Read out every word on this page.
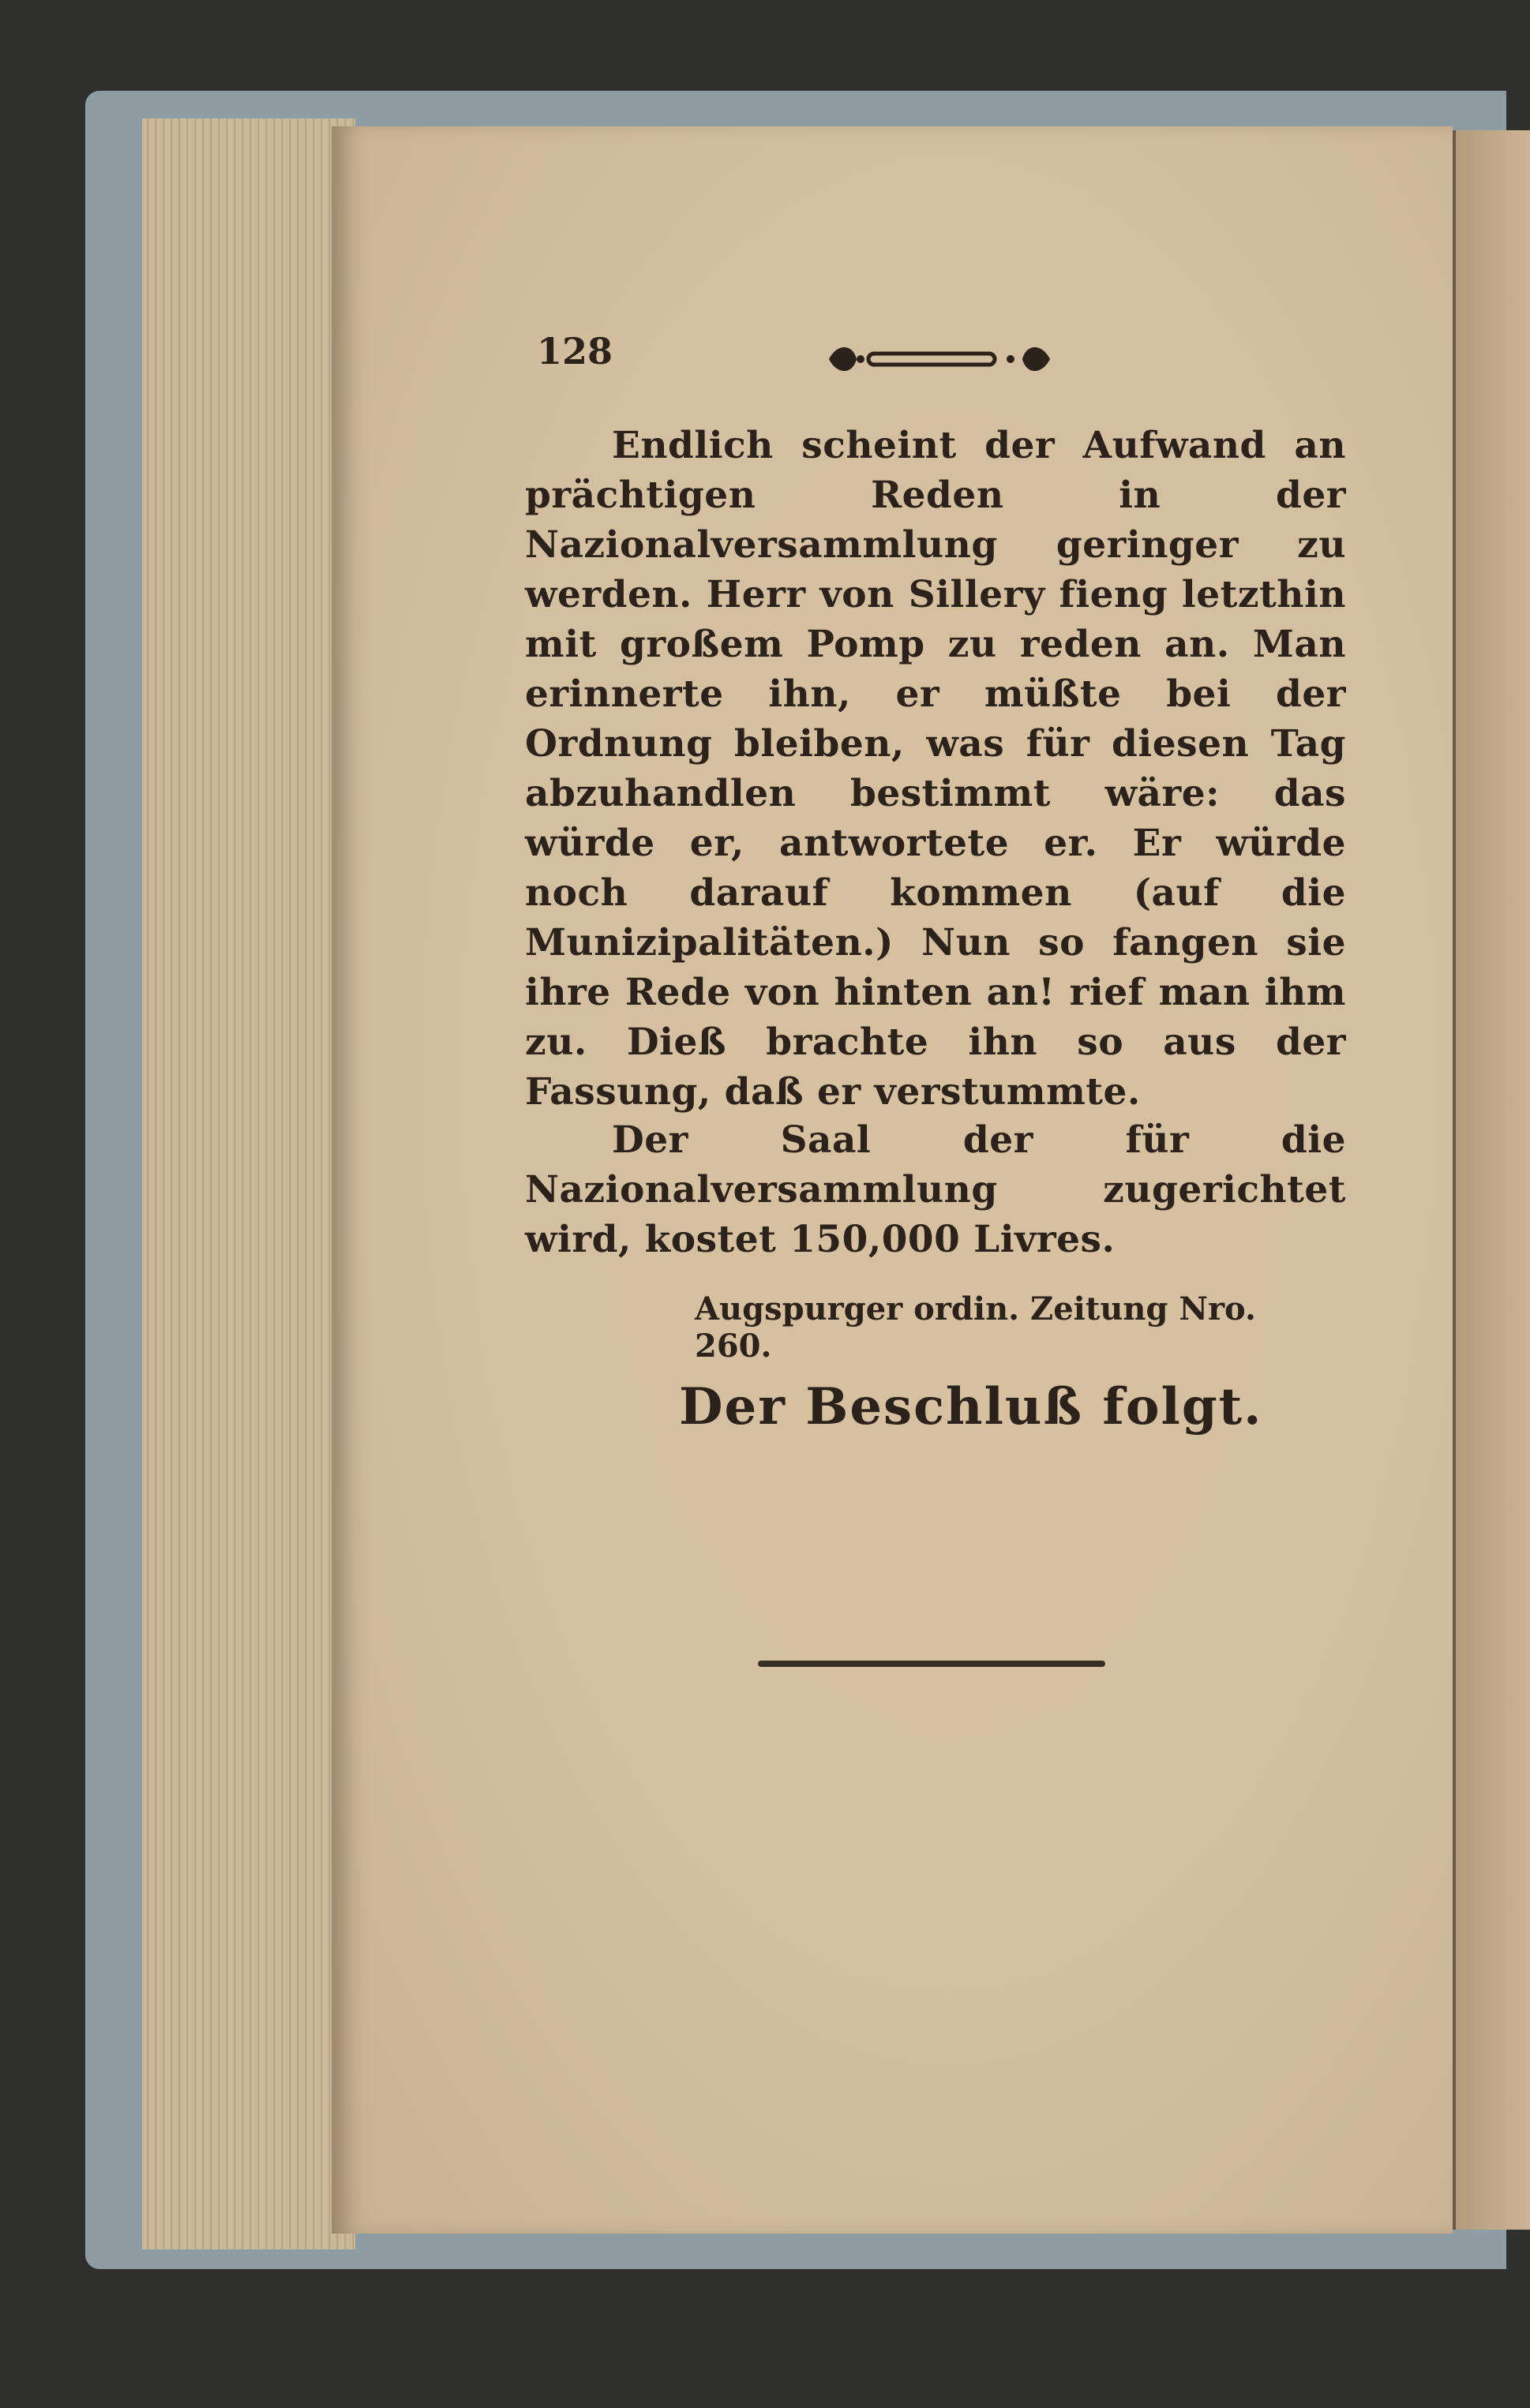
128
Endlich scheint der Aufwand an prächtigen Reden in der Nazionalversammlung geringer zu werden. Herr von Sillery fieng letzthin mit großem Pomp zu reden an. Man erinnerte ihn, er müßte bei der Ordnung bleiben, was für diesen Tag abzuhandlen bestimmt wäre: das würde er, antwortete er. Er würde noch darauf kommen (auf die Munizipalitäten.) Nun so fangen sie ihre Rede von hinten an! rief man ihm zu. Dieß brachte ihn so aus der Fassung, daß er verstummte.
Der Saal der für die Nazionalversammlung zugerichtet wird, kostet 150,000 Livres.
Augspurger ordin. Zeitung Nro. 260.
Der Beschluß folgt.
